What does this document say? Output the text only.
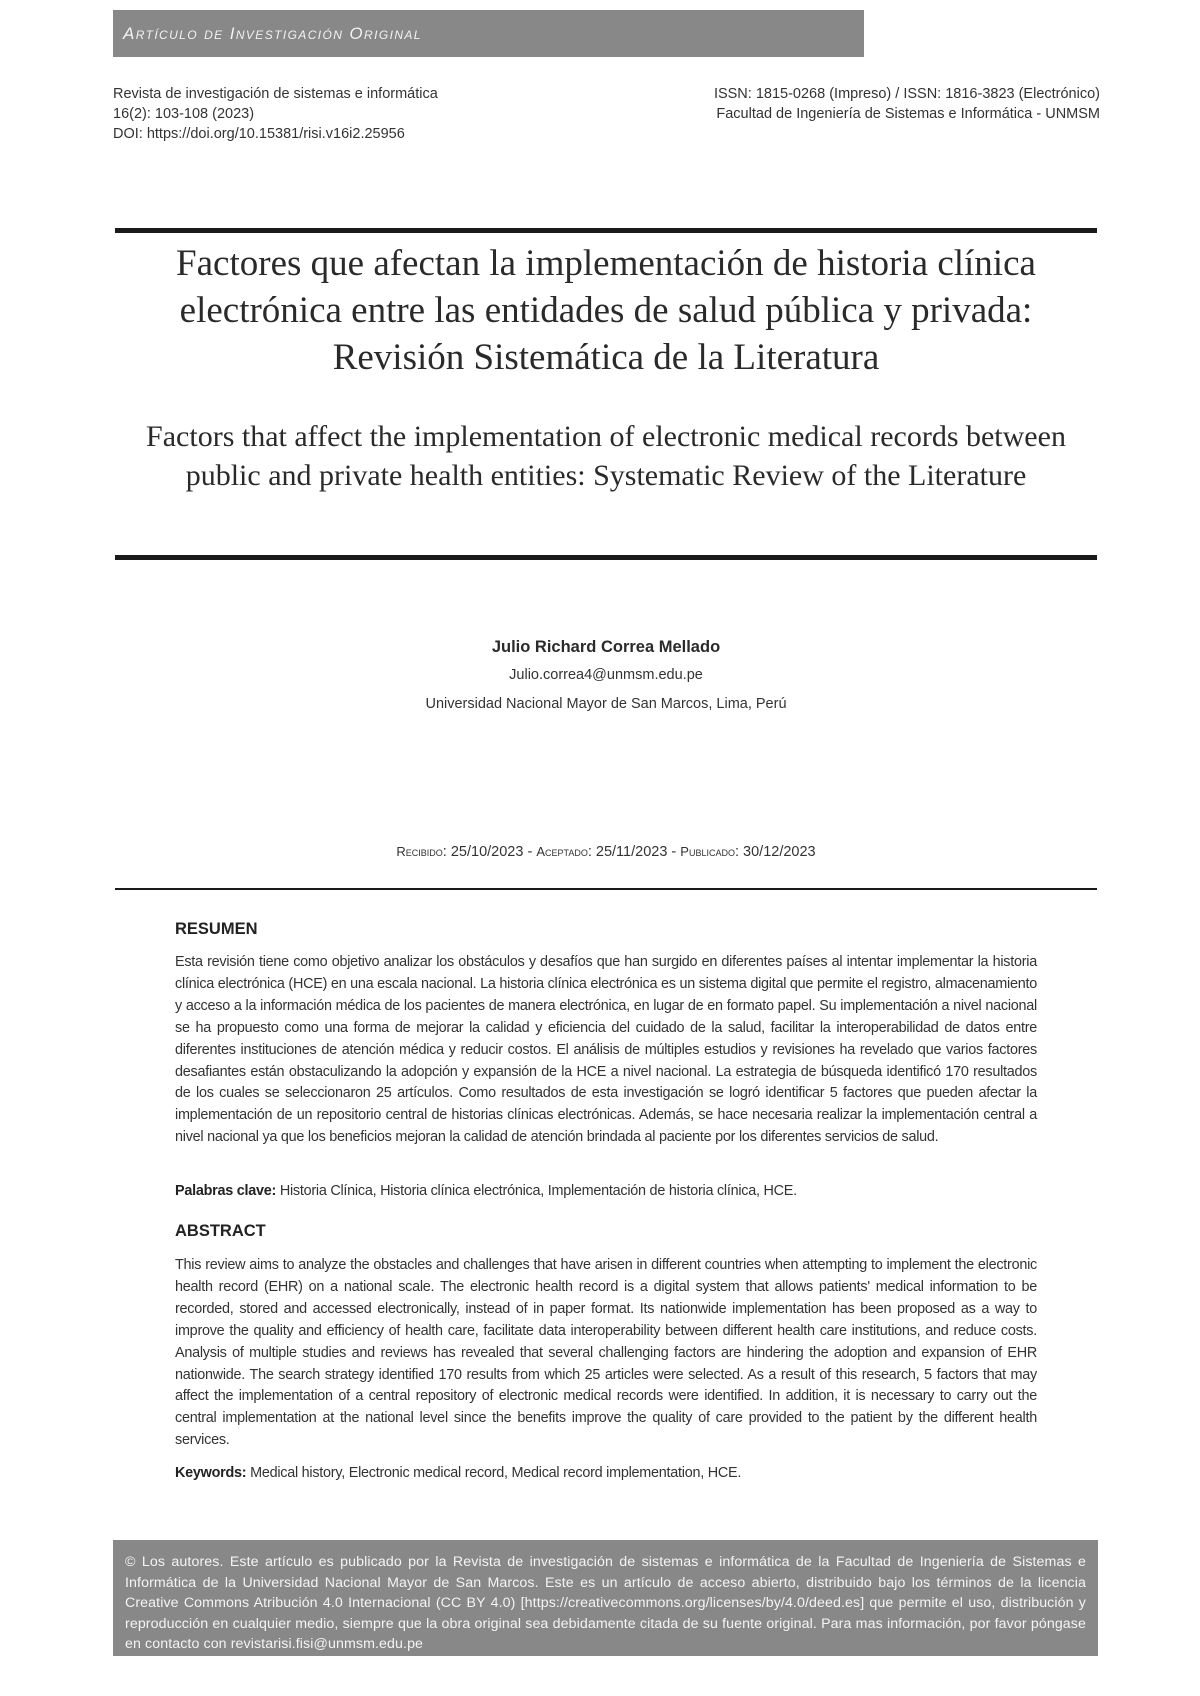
Artículo de Investigación Original
Revista de investigación de sistemas e informática
16(2): 103-108 (2023)
DOI: https://doi.org/10.15381/risi.v16i2.25956
ISSN: 1815-0268 (Impreso) / ISSN: 1816-3823 (Electrónico)
Facultad de Ingeniería de Sistemas e Informática - UNMSM
Factores que afectan la implementación de historia clínica electrónica entre las entidades de salud pública y privada: Revisión Sistemática de la Literatura
Factors that affect the implementation of electronic medical records between public and private health entities: Systematic Review of the Literature
Julio Richard Correa Mellado
Julio.correa4@unmsm.edu.pe
Universidad Nacional Mayor de San Marcos, Lima, Perú
Recibido: 25/10/2023 - Aceptado: 25/11/2023 - Publicado: 30/12/2023
RESUMEN
Esta revisión tiene como objetivo analizar los obstáculos y desafíos que han surgido en diferentes países al intentar implementar la historia clínica electrónica (HCE) en una escala nacional. La historia clínica electrónica es un sistema digital que permite el registro, almacenamiento y acceso a la información médica de los pacientes de manera electrónica, en lugar de en formato papel. Su implementación a nivel nacional se ha propuesto como una forma de mejorar la calidad y eficiencia del cuidado de la salud, facilitar la interoperabilidad de datos entre diferentes instituciones de atención médica y reducir costos. El análisis de múltiples estudios y revisiones ha revelado que varios factores desafiantes están obstaculizando la adopción y expansión de la HCE a nivel nacional. La estrategia de búsqueda identificó 170 resultados de los cuales se seleccionaron 25 artículos. Como resultados de esta investigación se logró identificar 5 factores que pueden afectar la implementación de un repositorio central de historias clínicas electrónicas. Además, se hace necesaria realizar la implementación central a nivel nacional ya que los beneficios mejoran la calidad de atención brindada al paciente por los diferentes servicios de salud.
Palabras clave: Historia Clínica, Historia clínica electrónica, Implementación de historia clínica, HCE.
ABSTRACT
This review aims to analyze the obstacles and challenges that have arisen in different countries when attempting to implement the electronic health record (EHR) on a national scale. The electronic health record is a digital system that allows patients' medical information to be recorded, stored and accessed electronically, instead of in paper format. Its nationwide implementation has been proposed as a way to improve the quality and efficiency of health care, facilitate data interoperability between different health care institutions, and reduce costs. Analysis of multiple studies and reviews has revealed that several challenging factors are hindering the adoption and expansion of EHR nationwide. The search strategy identified 170 results from which 25 articles were selected. As a result of this research, 5 factors that may affect the implementation of a central repository of electronic medical records were identified. In addition, it is necessary to carry out the central implementation at the national level since the benefits improve the quality of care provided to the patient by the different health services.
Keywords: Medical history, Electronic medical record, Medical record implementation, HCE.
© Los autores. Este artículo es publicado por la Revista de investigación de sistemas e informática de la Facultad de Ingeniería de Sistemas e Informática de la Universidad Nacional Mayor de San Marcos. Este es un artículo de acceso abierto, distribuido bajo los términos de la licencia Creative Commons Atribución 4.0 Internacional (CC BY 4.0) [https://creativecommons.org/licenses/by/4.0/deed.es] que permite el uso, distribución y reproducción en cualquier medio, siempre que la obra original sea debidamente citada de su fuente original. Para mas información, por favor póngase en contacto con revistarisi.fisi@unmsm.edu.pe
